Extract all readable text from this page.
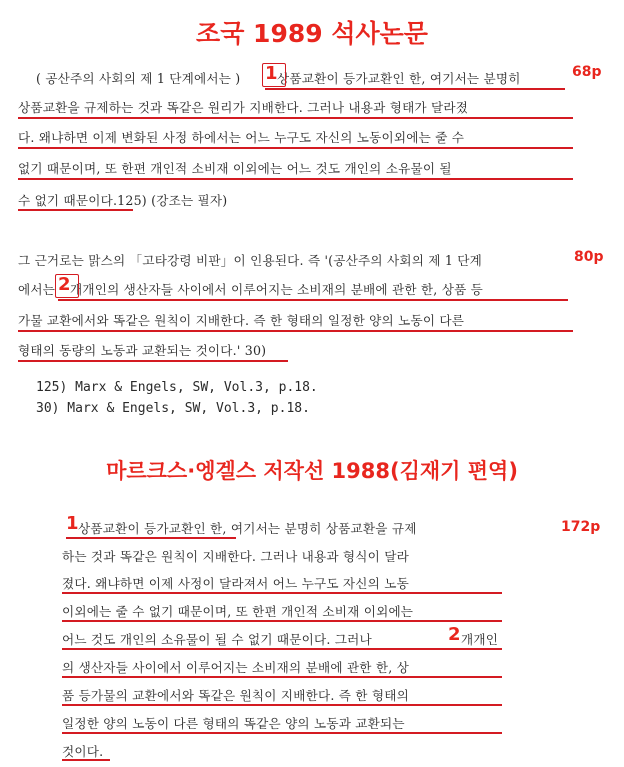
조국 1989 석사논문
마르크스·엥겔스 저작선 1988(김재기 편역)
68p
80p
172p
( 공산주의 사회의 제 1 단계에서는 ) 1 상품교환이 등가교환인 한, 여기서는 분명히
상품교환을 규제하는 것과 똑같은 원리가 지배한다. 그러나 내용과 형태가 달라졌
다. 왜냐하면 이제 변화된 사정 하에서는 어느 누구도 자신의 노동이외에는 줄 수
없기 때문이며, 또 한편 개인적 소비재 이외에는 어느 것도 개인의 소유물이 될
수 없기 때문이다.125) (강조는 필자)
그 근거로는 맑스의 「고타강령 비판」이 인용된다. 즉 '(공산주의 사회의 제 1 단계
에서는 2 개개인의 생산자들 사이에서 이루어지는 소비재의 분배에 관한 한, 상품 등
가물 교환에서와 똑같은 원칙이 지배한다. 즉 한 형태의 일정한 양의 노동이 다른
형태의 동량의 노동과 교환되는 것이다.' 30)
125) Marx & Engels, SW, Vol.3, p.18.
30) Marx & Engels, SW, Vol.3, p.18.
1 상품교환이 등가교환인 한, 여기서는 분명히 상품교환을 규제
하는 것과 똑같은 원칙이 지배한다. 그러나 내용과 형식이 달라
졌다. 왜냐하면 이제 사정이 달라져서 어느 누구도 자신의 노동
이외에는 줄 수 없기 때문이며, 또 한편 개인적 소비재 이외에는
어느 것도 개인의 소유물이 될 수 없기 때문이다. 그러나	2 개개인
의 생산자들 사이에서 이루어지는 소비재의 분배에 관한 한, 상
품 등가물의 교환에서와 똑같은 원칙이 지배한다. 즉 한 형태의
일정한 양의 노동이 다른 형태의 똑같은 양의 노동과 교환되는
것이다.
